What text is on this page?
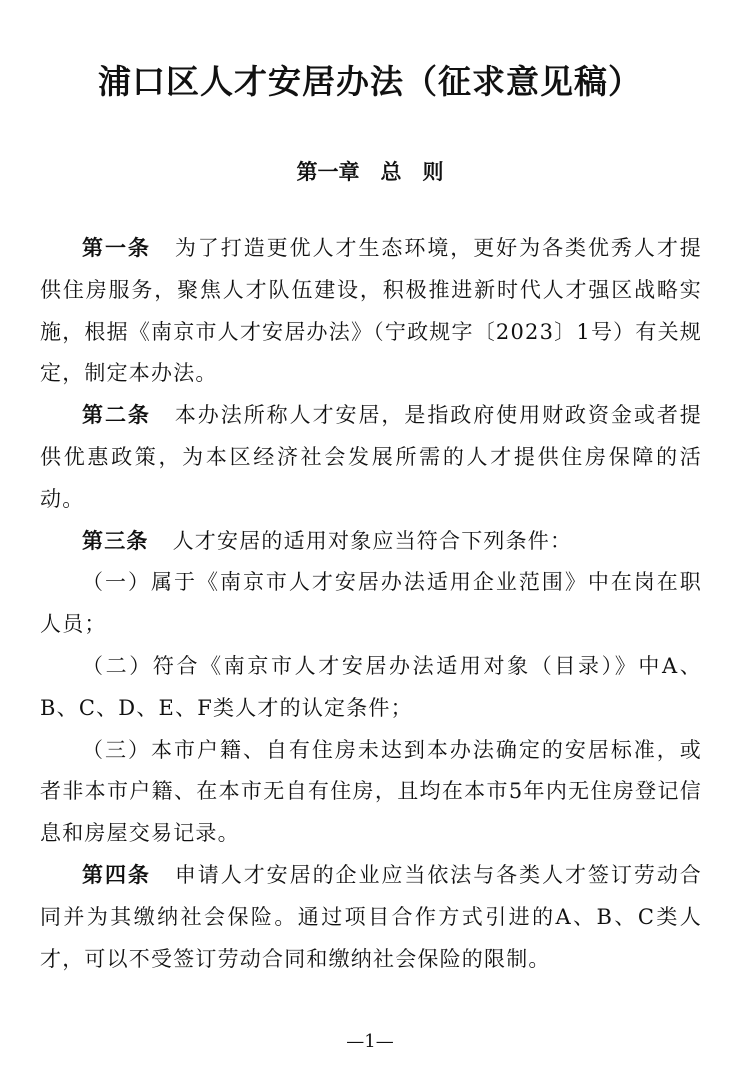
浦口区人才安居办法（征求意见稿）
第一章　总　则

第一条 为了打造更优人才生态环境，更好为各类优秀人才提供住房服务，聚焦人才队伍建设，积极推进新时代人才强区战略实施，根据《南京市人才安居办法》（宁政规字〔2023〕1号）有关规定，制定本办法。

第二条 本办法所称人才安居，是指政府使用财政资金或者提供优惠政策，为本区经济社会发展所需的人才提供住房保障的活动。

第三条 人才安居的适用对象应当符合下列条件：

（一）属于《南京市人才安居办法适用企业范围》中在岗在职人员；

（二）符合《南京市人才安居办法适用对象（目录）》中A、B、C、D、E、F类人才的认定条件；

（三）本市户籍、自有住房未达到本办法确定的安居标准，或者非本市户籍、在本市无自有住房，且均在本市5年内无住房登记信息和房屋交易记录。

第四条 申请人才安居的企业应当依法与各类人才签订劳动合同并为其缴纳社会保险。通过项目合作方式引进的A、B、C类人才，可以不受签订劳动合同和缴纳社会保险的限制。

—1—
